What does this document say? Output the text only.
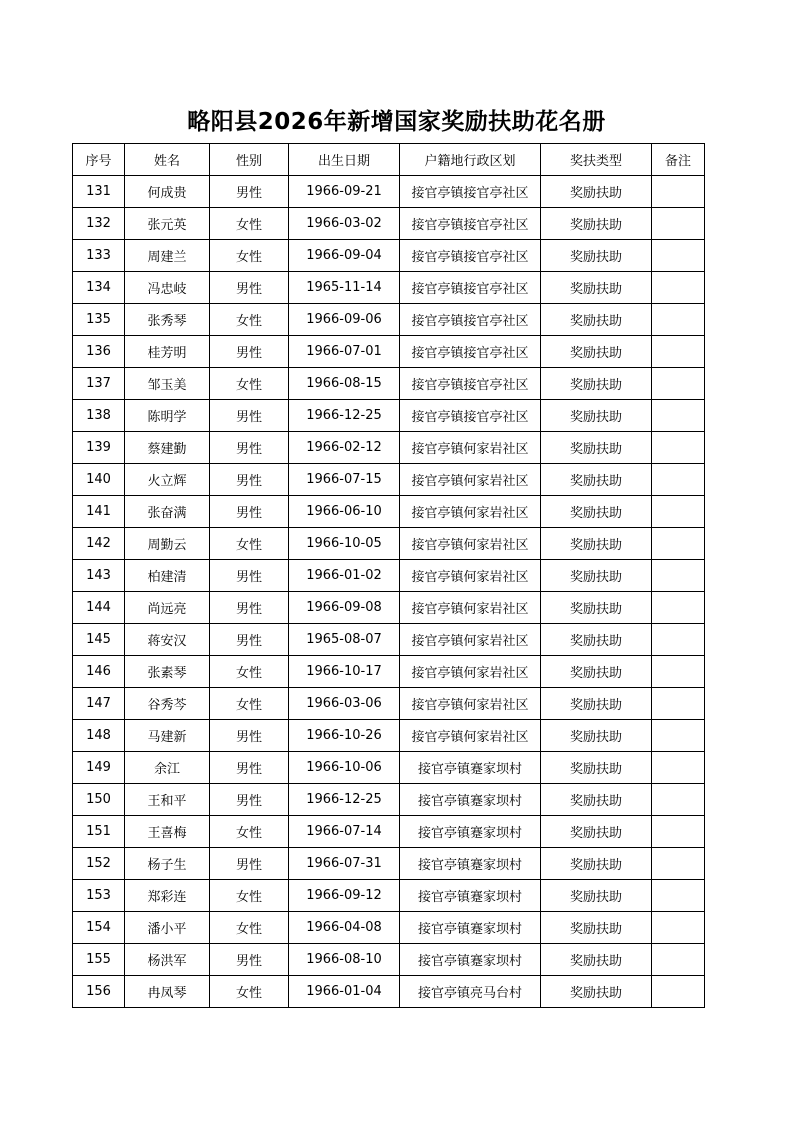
略阳县2026年新增国家奖励扶助花名册
序号	姓名	性别	出生日期	户籍地行政区划	奖扶类型	备注
131	何成贵	男性	1966-09-21	接官亭镇接官亭社区	奖励扶助	
132	张元英	女性	1966-03-02	接官亭镇接官亭社区	奖励扶助	
133	周建兰	女性	1966-09-04	接官亭镇接官亭社区	奖励扶助	
134	冯忠岐	男性	1965-11-14	接官亭镇接官亭社区	奖励扶助	
135	张秀琴	女性	1966-09-06	接官亭镇接官亭社区	奖励扶助	
136	桂芳明	男性	1966-07-01	接官亭镇接官亭社区	奖励扶助	
137	邹玉美	女性	1966-08-15	接官亭镇接官亭社区	奖励扶助	
138	陈明学	男性	1966-12-25	接官亭镇接官亭社区	奖励扶助	
139	蔡建勤	男性	1966-02-12	接官亭镇何家岩社区	奖励扶助	
140	火立辉	男性	1966-07-15	接官亭镇何家岩社区	奖励扶助	
141	张奋满	男性	1966-06-10	接官亭镇何家岩社区	奖励扶助	
142	周勤云	女性	1966-10-05	接官亭镇何家岩社区	奖励扶助	
143	柏建清	男性	1966-01-02	接官亭镇何家岩社区	奖励扶助	
144	尚远亮	男性	1966-09-08	接官亭镇何家岩社区	奖励扶助	
145	蒋安汉	男性	1965-08-07	接官亭镇何家岩社区	奖励扶助	
146	张素琴	女性	1966-10-17	接官亭镇何家岩社区	奖励扶助	
147	谷秀芩	女性	1966-03-06	接官亭镇何家岩社区	奖励扶助	
148	马建新	男性	1966-10-26	接官亭镇何家岩社区	奖励扶助	
149	余江	男性	1966-10-06	接官亭镇蹇家坝村	奖励扶助	
150	王和平	男性	1966-12-25	接官亭镇蹇家坝村	奖励扶助	
151	王喜梅	女性	1966-07-14	接官亭镇蹇家坝村	奖励扶助	
152	杨子生	男性	1966-07-31	接官亭镇蹇家坝村	奖励扶助	
153	郑彩连	女性	1966-09-12	接官亭镇蹇家坝村	奖励扶助	
154	潘小平	女性	1966-04-08	接官亭镇蹇家坝村	奖励扶助	
155	杨洪军	男性	1966-08-10	接官亭镇蹇家坝村	奖励扶助	
156	冉凤琴	女性	1966-01-04	接官亭镇亮马台村	奖励扶助	
